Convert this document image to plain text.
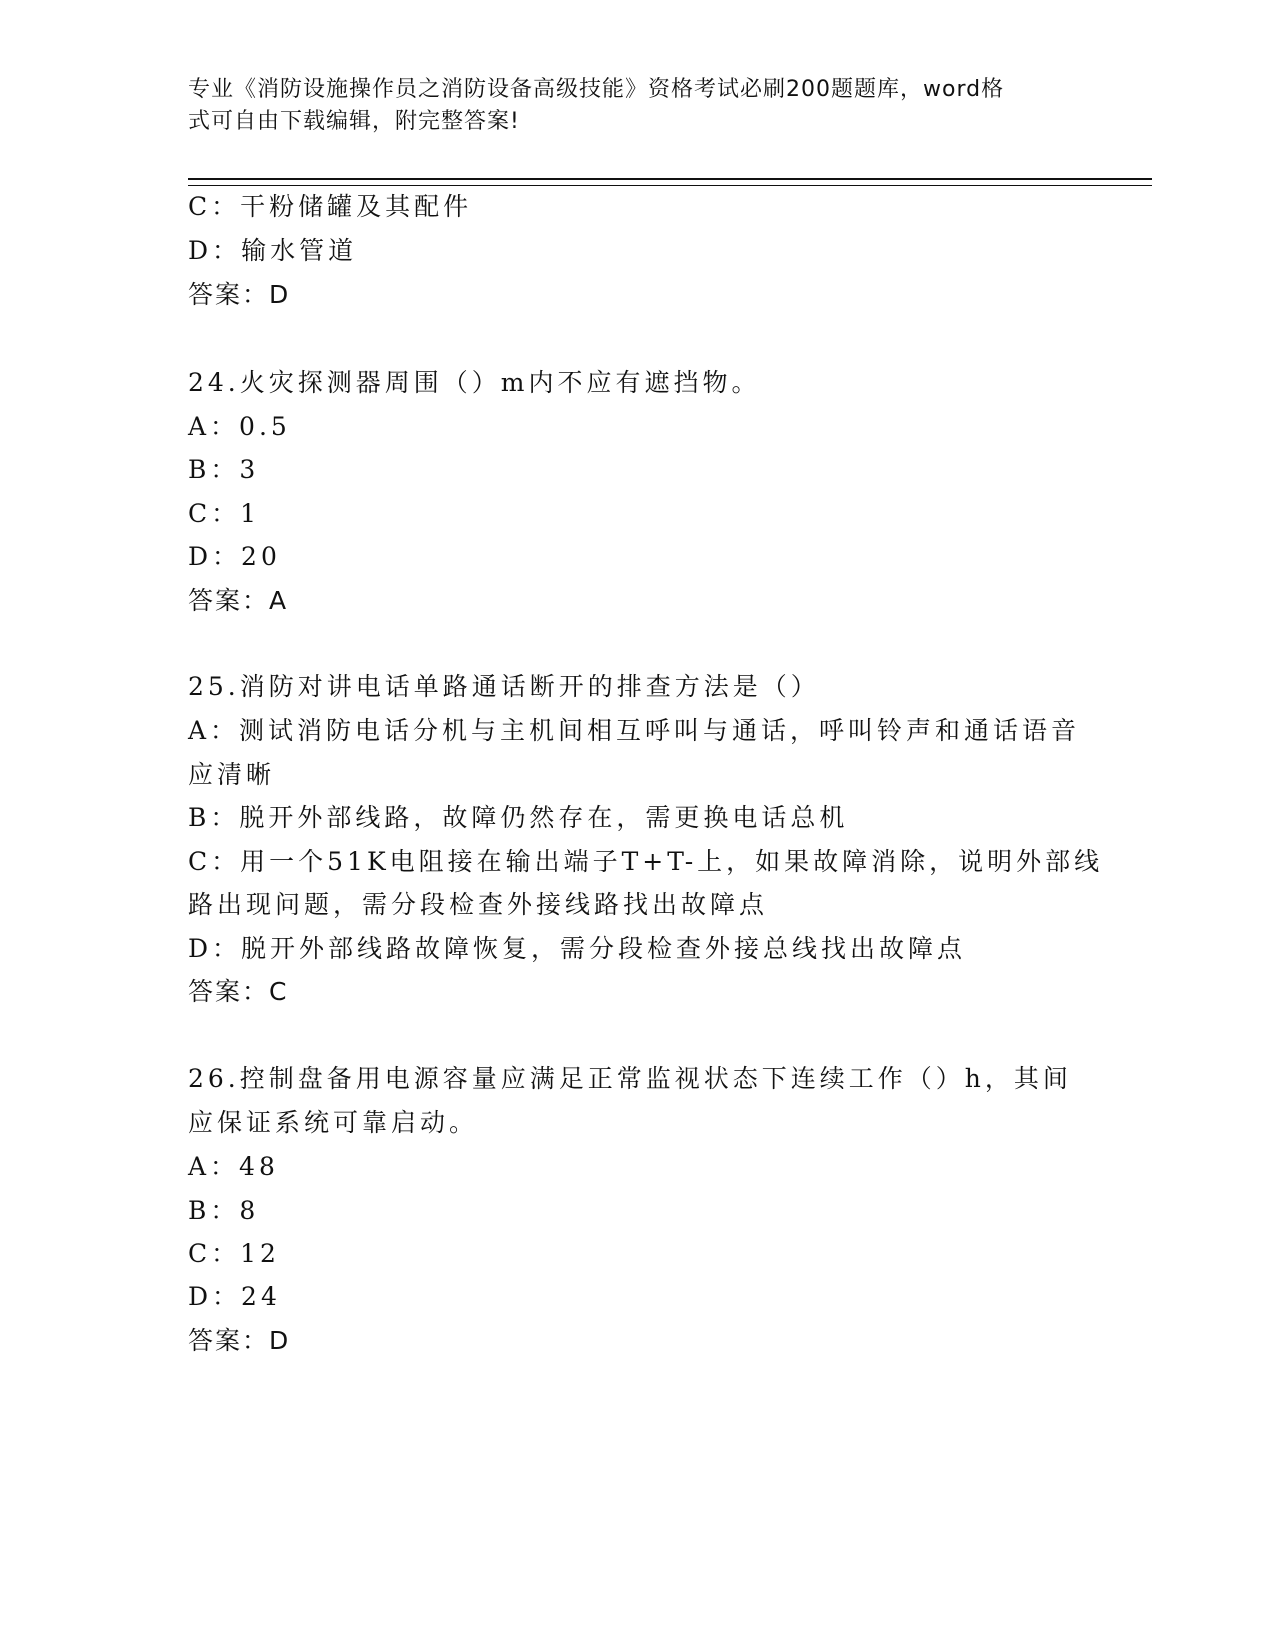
专业《消防设施操作员之消防设备高级技能》资格考试必刷200题题库，word格
式可自由下载编辑，附完整答案!
C：干粉储罐及其配件
D：输水管道
答案：D
24.火灾探测器周围（）m内不应有遮挡物。
A：0.5
B：3
C：1
D：20
答案：A
25.消防对讲电话单路通话断开的排查方法是（）
A：测试消防电话分机与主机间相互呼叫与通话，呼叫铃声和通话语音
应清晰
B：脱开外部线路，故障仍然存在，需更换电话总机
C：用一个51K电阻接在输出端子T+T-上，如果故障消除，说明外部线
路出现问题，需分段检查外接线路找出故障点
D：脱开外部线路故障恢复，需分段检查外接总线找出故障点
答案：C
26.控制盘备用电源容量应满足正常监视状态下连续工作（）h，其间
应保证系统可靠启动。
A：48
B：8
C：12
D：24
答案：D
